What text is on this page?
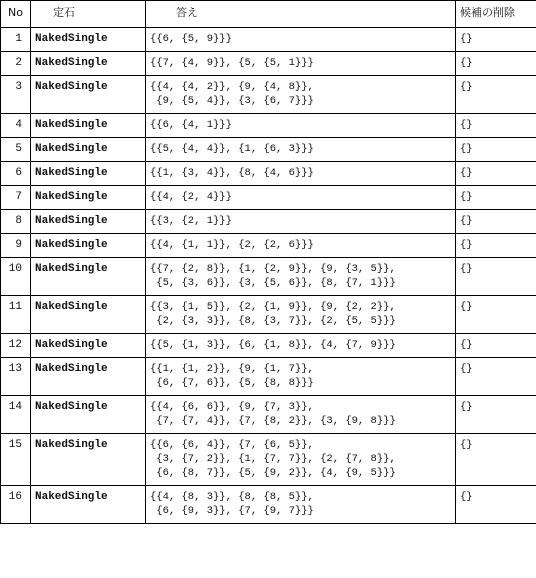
No	定石	答え	候補の削除
1	NakedSingle	{{6, {5, 9}}}	{}
2	NakedSingle	{{7, {4, 9}}, {5, {5, 1}}}	{}
3	NakedSingle	{{4, {4, 2}}, {9, {4, 8}},
{9, {5, 4}}, {3, {6, 7}}}	{}
4	NakedSingle	{{6, {4, 1}}}	{}
5	NakedSingle	{{5, {4, 4}}, {1, {6, 3}}}	{}
6	NakedSingle	{{1, {3, 4}}, {8, {4, 6}}}	{}
7	NakedSingle	{{4, {2, 4}}}	{}
8	NakedSingle	{{3, {2, 1}}}	{}
9	NakedSingle	{{4, {1, 1}}, {2, {2, 6}}}	{}
10	NakedSingle	{{7, {2, 8}}, {1, {2, 9}}, {9, {3, 5}},
{5, {3, 6}}, {3, {5, 6}}, {8, {7, 1}}}	{}
11	NakedSingle	{{3, {1, 5}}, {2, {1, 9}}, {9, {2, 2}},
{2, {3, 3}}, {8, {3, 7}}, {2, {5, 5}}}	{}
12	NakedSingle	{{5, {1, 3}}, {6, {1, 8}}, {4, {7, 9}}}	{}
13	NakedSingle	{{1, {1, 2}}, {9, {1, 7}},
{6, {7, 6}}, {5, {8, 8}}}	{}
14	NakedSingle	{{4, {6, 6}}, {9, {7, 3}},
{7, {7, 4}}, {7, {8, 2}}, {3, {9, 8}}}	{}
15	NakedSingle	{{6, {6, 4}}, {7, {6, 5}},
{3, {7, 2}}, {1, {7, 7}}, {2, {7, 8}},
{6, {8, 7}}, {5, {9, 2}}, {4, {9, 5}}}	{}
16	NakedSingle	{{4, {8, 3}}, {8, {8, 5}},
{6, {9, 3}}, {7, {9, 7}}}	{}
